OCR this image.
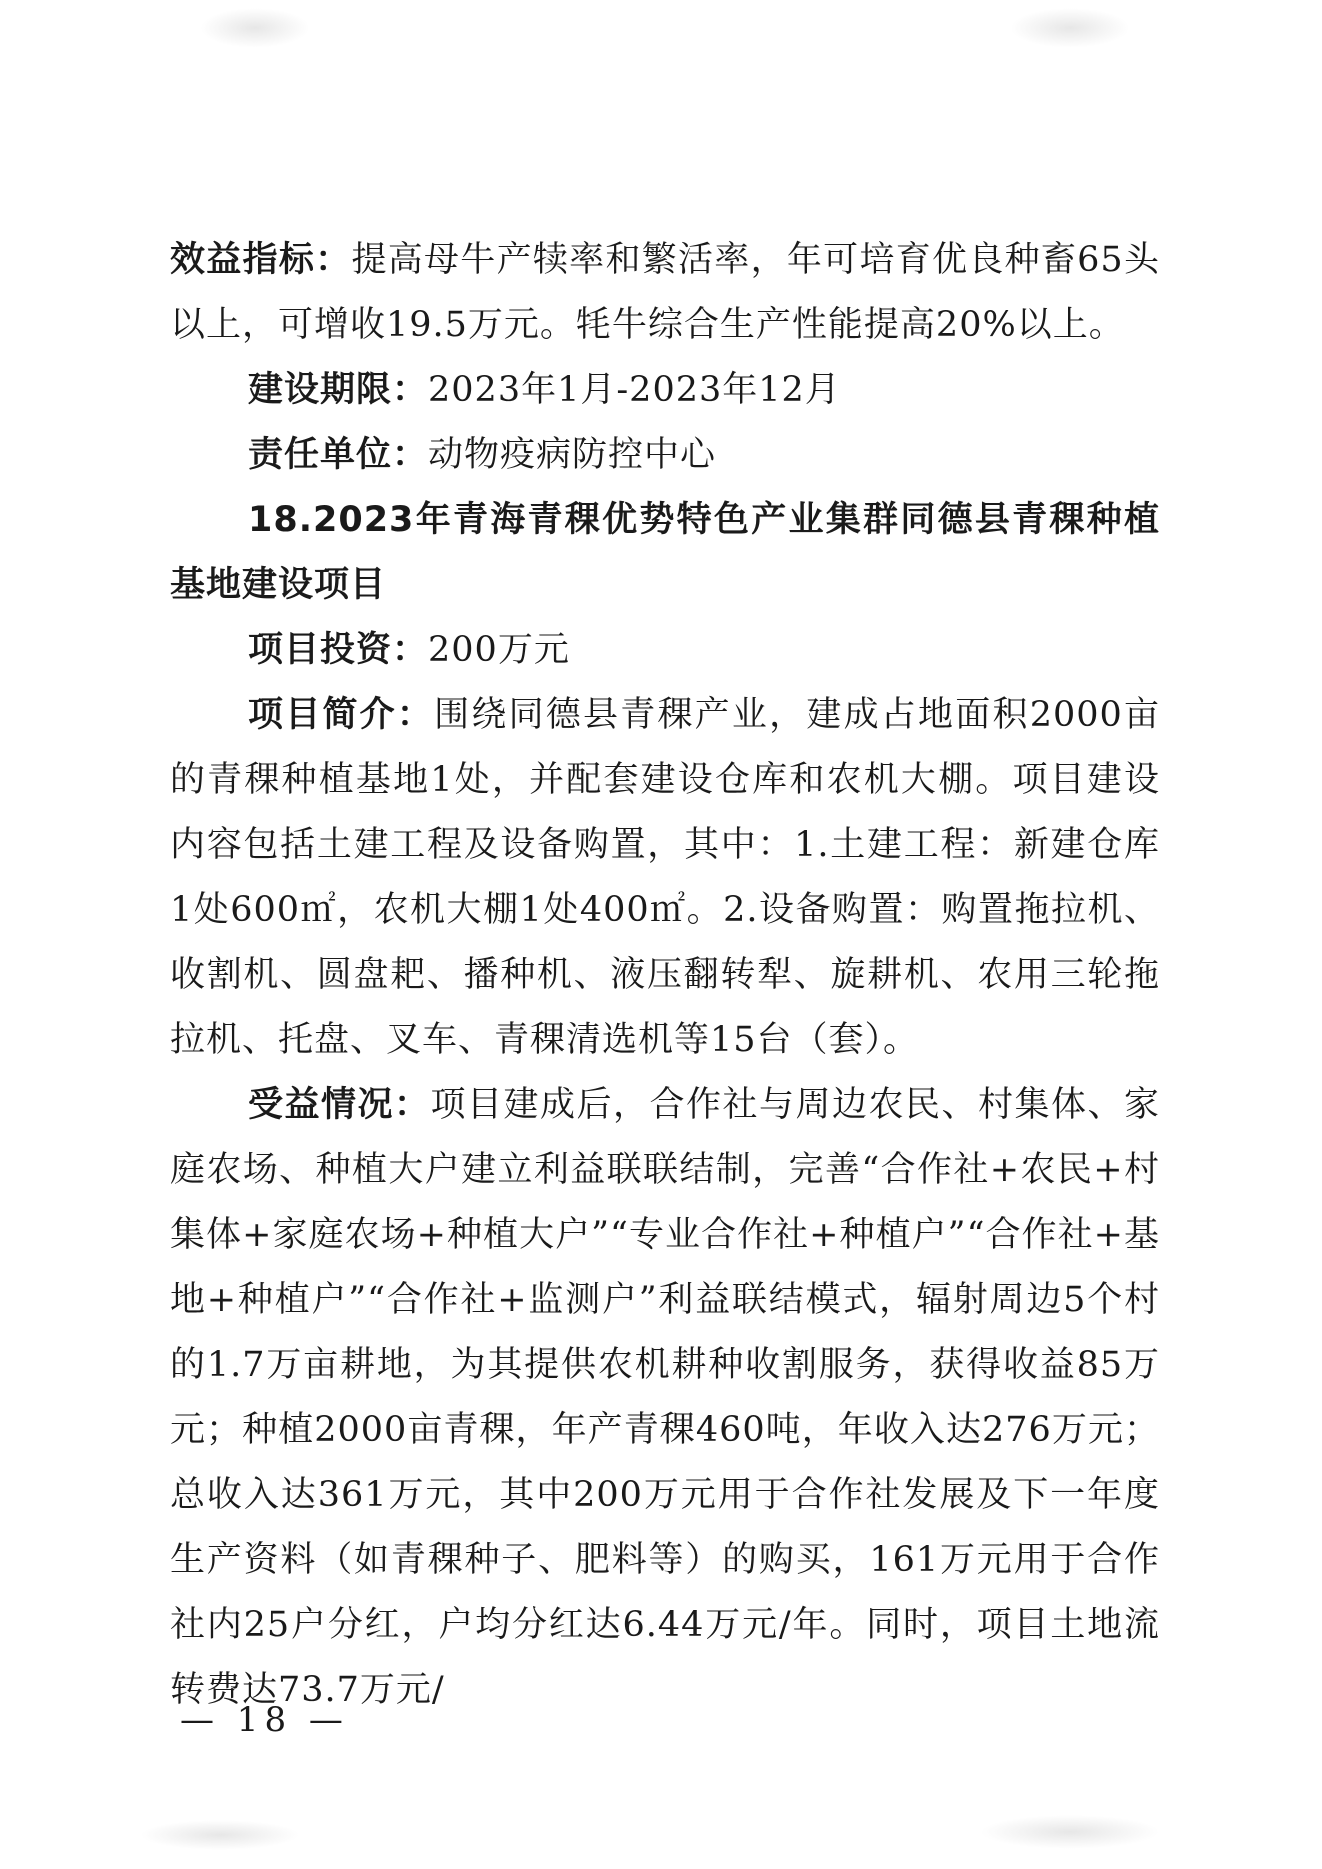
效益指标：提高母牛产犊率和繁活率，年可培育优良种畜65头以上，可增收19.5万元。牦牛综合生产性能提高20%以上。

建设期限：2023年1月-2023年12月

责任单位：动物疫病防控中心

18.2023年青海青稞优势特色产业集群同德县青稞种植基地建设项目

项目投资：200万元

项目简介：围绕同德县青稞产业，建成占地面积2000亩的青稞种植基地1处，并配套建设仓库和农机大棚。项目建设内容包括土建工程及设备购置，其中：1.土建工程：新建仓库1处600㎡，农机大棚1处400㎡。2.设备购置：购置拖拉机、收割机、圆盘耙、播种机、液压翻转犁、旋耕机、农用三轮拖拉机、托盘、叉车、青稞清选机等15台（套）。

受益情况：项目建成后，合作社与周边农民、村集体、家庭农场、种植大户建立利益联联结制，完善“合作社+农民+村集体+家庭农场+种植大户”“专业合作社+种植户”“合作社+基地+种植户”“合作社+监测户”利益联结模式，辐射周边5个村的1.7万亩耕地，为其提供农机耕种收割服务，获得收益85万元；种植2000亩青稞，年产青稞460吨，年收入达276万元；总收入达361万元，其中200万元用于合作社发展及下一年度生产资料（如青稞种子、肥料等）的购买，161万元用于合作社内25户分红，户均分红达6.44万元/年。同时，项目土地流转费达73.7万元/

— 18 —
